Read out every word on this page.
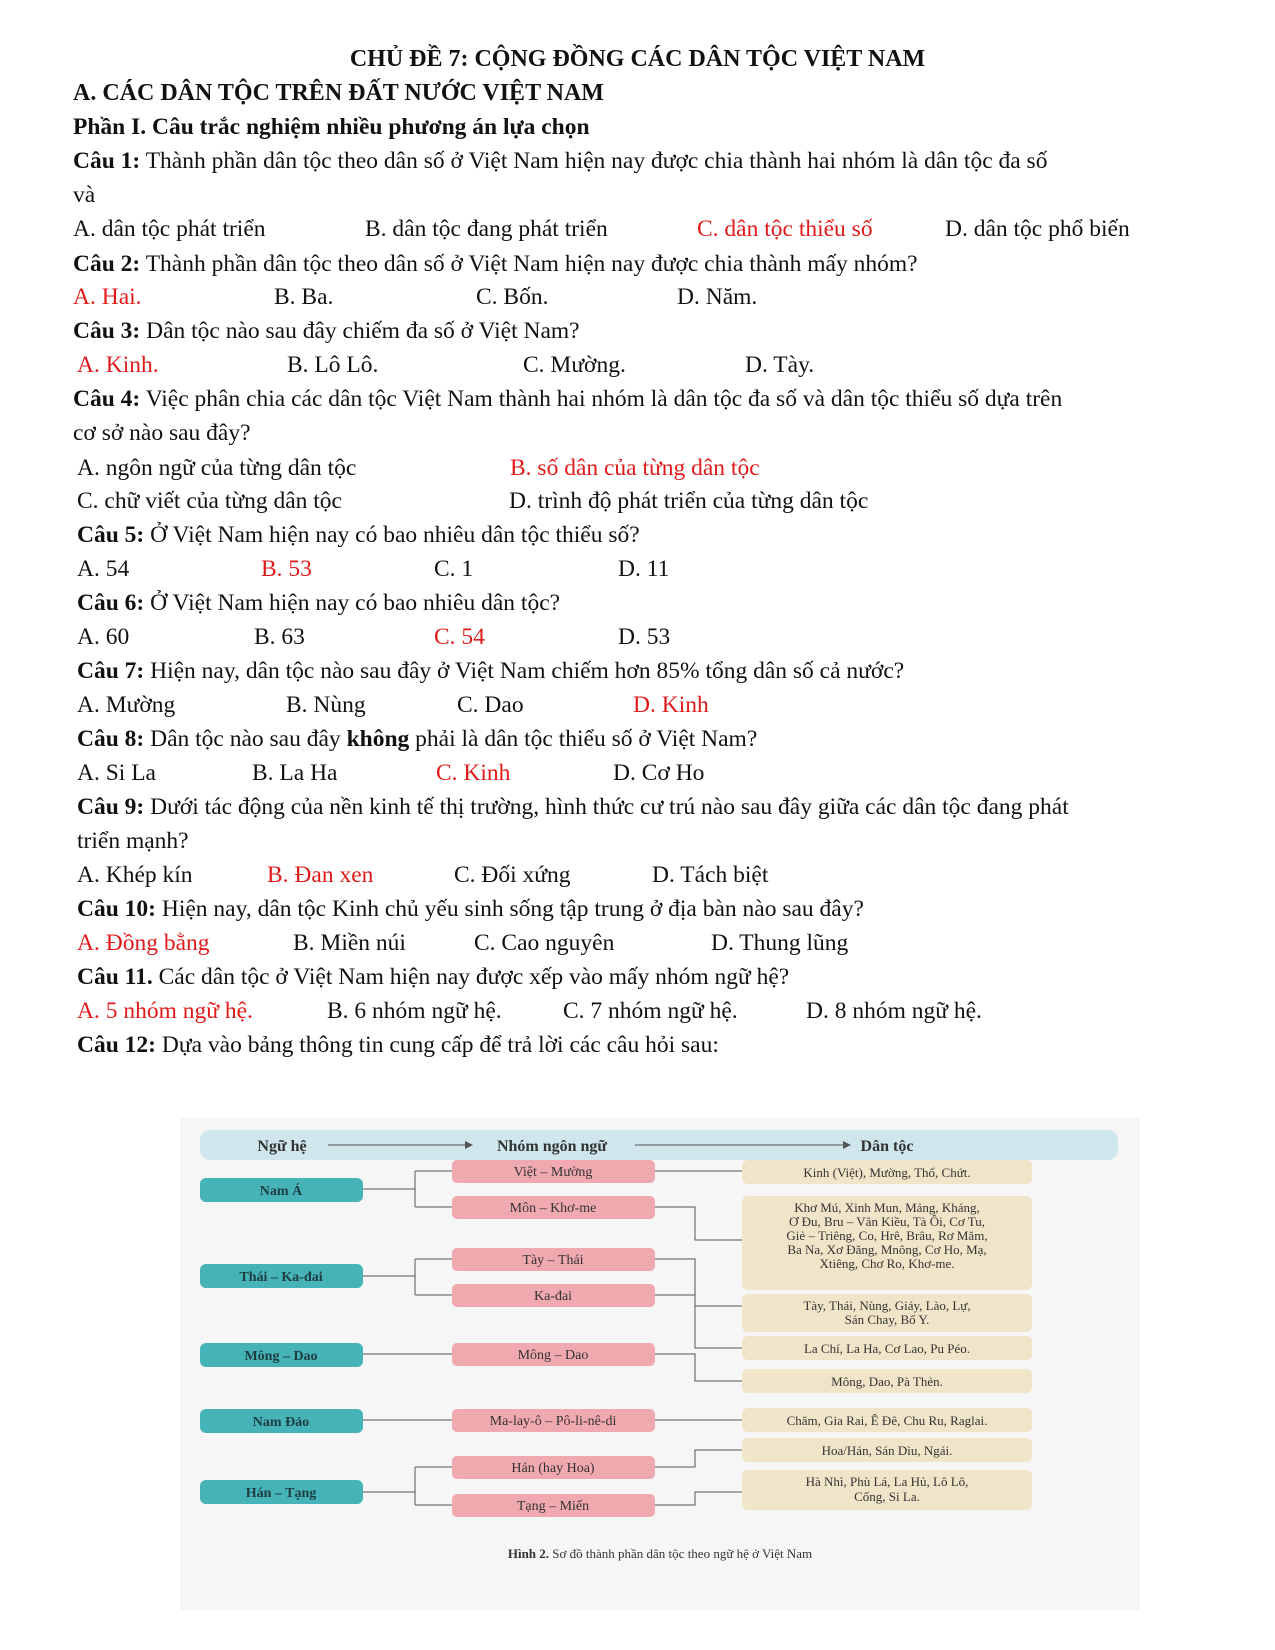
CHỦ ĐỀ 7: CỘNG ĐỒNG CÁC DÂN TỘC VIỆT NAM
A. CÁC DÂN TỘC TRÊN ĐẤT NƯỚC VIỆT NAM
Phần I. Câu trắc nghiệm nhiều phương án lựa chọn
Câu 1: Thành phần dân tộc theo dân số ở Việt Nam hiện nay được chia thành hai nhóm là dân tộc đa số
và
A. dân tộc phát triển	B. dân tộc đang phát triển	C. dân tộc thiểu số	D. dân tộc phổ biến
Câu 2: Thành phần dân tộc theo dân số ở Việt Nam hiện nay được chia thành mấy nhóm?
A. Hai.	B. Ba.	C. Bốn.	D. Năm.
Câu 3: Dân tộc nào sau đây chiếm đa số ở Việt Nam?
A. Kinh.	B. Lô Lô.	C. Mường.	D. Tày.
Câu 4: Việc phân chia các dân tộc Việt Nam thành hai nhóm là dân tộc đa số và dân tộc thiểu số dựa trên
cơ sở nào sau đây?
A. ngôn ngữ của từng dân tộc	B. số dân của từng dân tộc
C. chữ viết của từng dân tộc	D. trình độ phát triển của từng dân tộc
Câu 5: Ở Việt Nam hiện nay có bao nhiêu dân tộc thiểu số?
A. 54	B. 53	C. 1	D. 11
Câu 6: Ở Việt Nam hiện nay có bao nhiêu dân tộc?
A. 60	B. 63	C. 54	D. 53
Câu 7: Hiện nay, dân tộc nào sau đây ở Việt Nam chiếm hơn 85% tổng dân số cả nước?
A. Mường	B. Nùng	C. Dao	D. Kinh
Câu 8: Dân tộc nào sau đây không phải là dân tộc thiểu số ở Việt Nam?
A. Si La	B. La Ha	C. Kinh	D. Cơ Ho
Câu 9: Dưới tác động của nền kinh tế thị trường, hình thức cư trú nào sau đây giữa các dân tộc đang phát
triển mạnh?
A. Khép kín	B. Đan xen	C. Đối xứng	D. Tách biệt
Câu 10: Hiện nay, dân tộc Kinh chủ yếu sinh sống tập trung ở địa bàn nào sau đây?
A. Đồng bằng	B. Miền núi	C. Cao nguyên	D. Thung lũng
Câu 11. Các dân tộc ở Việt Nam hiện nay được xếp vào mấy nhóm ngữ hệ?
A. 5 nhóm ngữ hệ.	B. 6 nhóm ngữ hệ.	C. 7 nhóm ngữ hệ.	D. 8 nhóm ngữ hệ.
Câu 12: Dựa vào bảng thông tin cung cấp để trả lời các câu hỏi sau:
Ngữ hệ	Nhóm ngôn ngữ	Dân tộc
Nam Á
Thái – Ka-đai
Mông – Dao
Nam Đảo
Hán – Tạng
Việt – Mường
Môn – Khơ-me
Tày – Thái
Ka-đai
Mông – Dao
Ma-lay-ô – Pô-li-nê-di
Hán (hay Hoa)
Tạng – Miến
Kinh (Việt), Mường, Thổ, Chứt.
Khơ Mú, Xinh Mun, Mảng, Kháng,
Ơ Đu, Bru – Vân Kiều, Tà Ôi, Cơ Tu,
Giẻ – Triêng, Co, Hrê, Brâu, Rơ Măm,
Ba Na, Xơ Đăng, Mnông, Cơ Ho, Mạ,
Xtiêng, Chơ Ro, Khơ-me.
Tày, Thái, Nùng, Giáy, Lào, Lự,
Sán Chay, Bố Y.
La Chí, La Ha, Cơ Lao, Pu Péo.
Mông, Dao, Pà Thẻn.
Chăm, Gia Rai, Ê Đê, Chu Ru, Raglai.
Hoa/Hán, Sán Dìu, Ngái.
Hà Nhì, Phù Lá, La Hủ, Lô Lô,
Cống, Si La.
Hình 2. Sơ đồ thành phần dân tộc theo ngữ hệ ở Việt Nam
